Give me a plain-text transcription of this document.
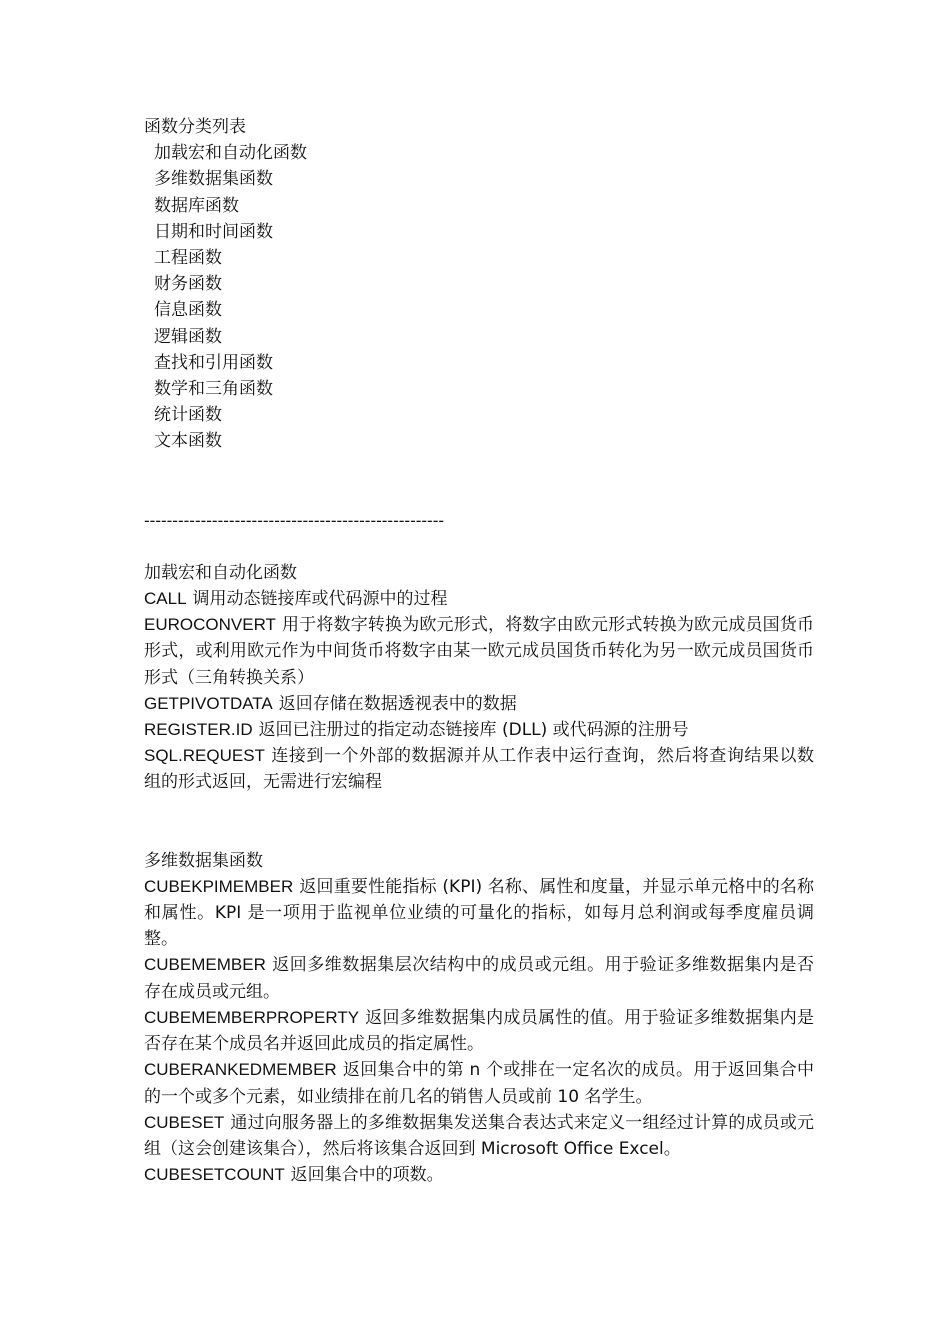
函数分类列表

加载宏和自动化函数
多维数据集函数
数据库函数
日期和时间函数
工程函数
财务函数
信息函数
逻辑函数
查找和引用函数
数学和三角函数
统计函数
文本函数
-----------------------------------------------------

加载宏和自动化函数

CALL 调用动态链接库或代码源中的过程

EUROCONVERT 用于将数字转换为欧元形式，将数字由欧元形式转换为欧元成员国货币形式，或利用欧元作为中间货币将数字由某一欧元成员国货币转化为另一欧元成员国货币形式（三角转换关系）

GETPIVOTDATA 返回存储在数据透视表中的数据

REGISTER.ID 返回已注册过的指定动态链接库 (DLL) 或代码源的注册号

SQL.REQUEST 连接到一个外部的数据源并从工作表中运行查询，然后将查询结果以数组的形式返回，无需进行宏编程

多维数据集函数

CUBEKPIMEMBER 返回重要性能指标 (KPI) 名称、属性和度量，并显示单元格中的名称和属性。KPI 是一项用于监视单位业绩的可量化的指标，如每月总利润或每季度雇员调整。

CUBEMEMBER 返回多维数据集层次结构中的成员或元组。用于验证多维数据集内是否存在成员或元组。

CUBEMEMBERPROPERTY 返回多维数据集内成员属性的值。用于验证多维数据集内是否存在某个成员名并返回此成员的指定属性。

CUBERANKEDMEMBER 返回集合中的第 n 个或排在一定名次的成员。用于返回集合中的一个或多个元素，如业绩排在前几名的销售人员或前 10 名学生。

CUBESET 通过向服务器上的多维数据集发送集合表达式来定义一组经过计算的成员或元组（这会创建该集合），然后将该集合返回到 Microsoft Office Excel。

CUBESETCOUNT 返回集合中的项数。
